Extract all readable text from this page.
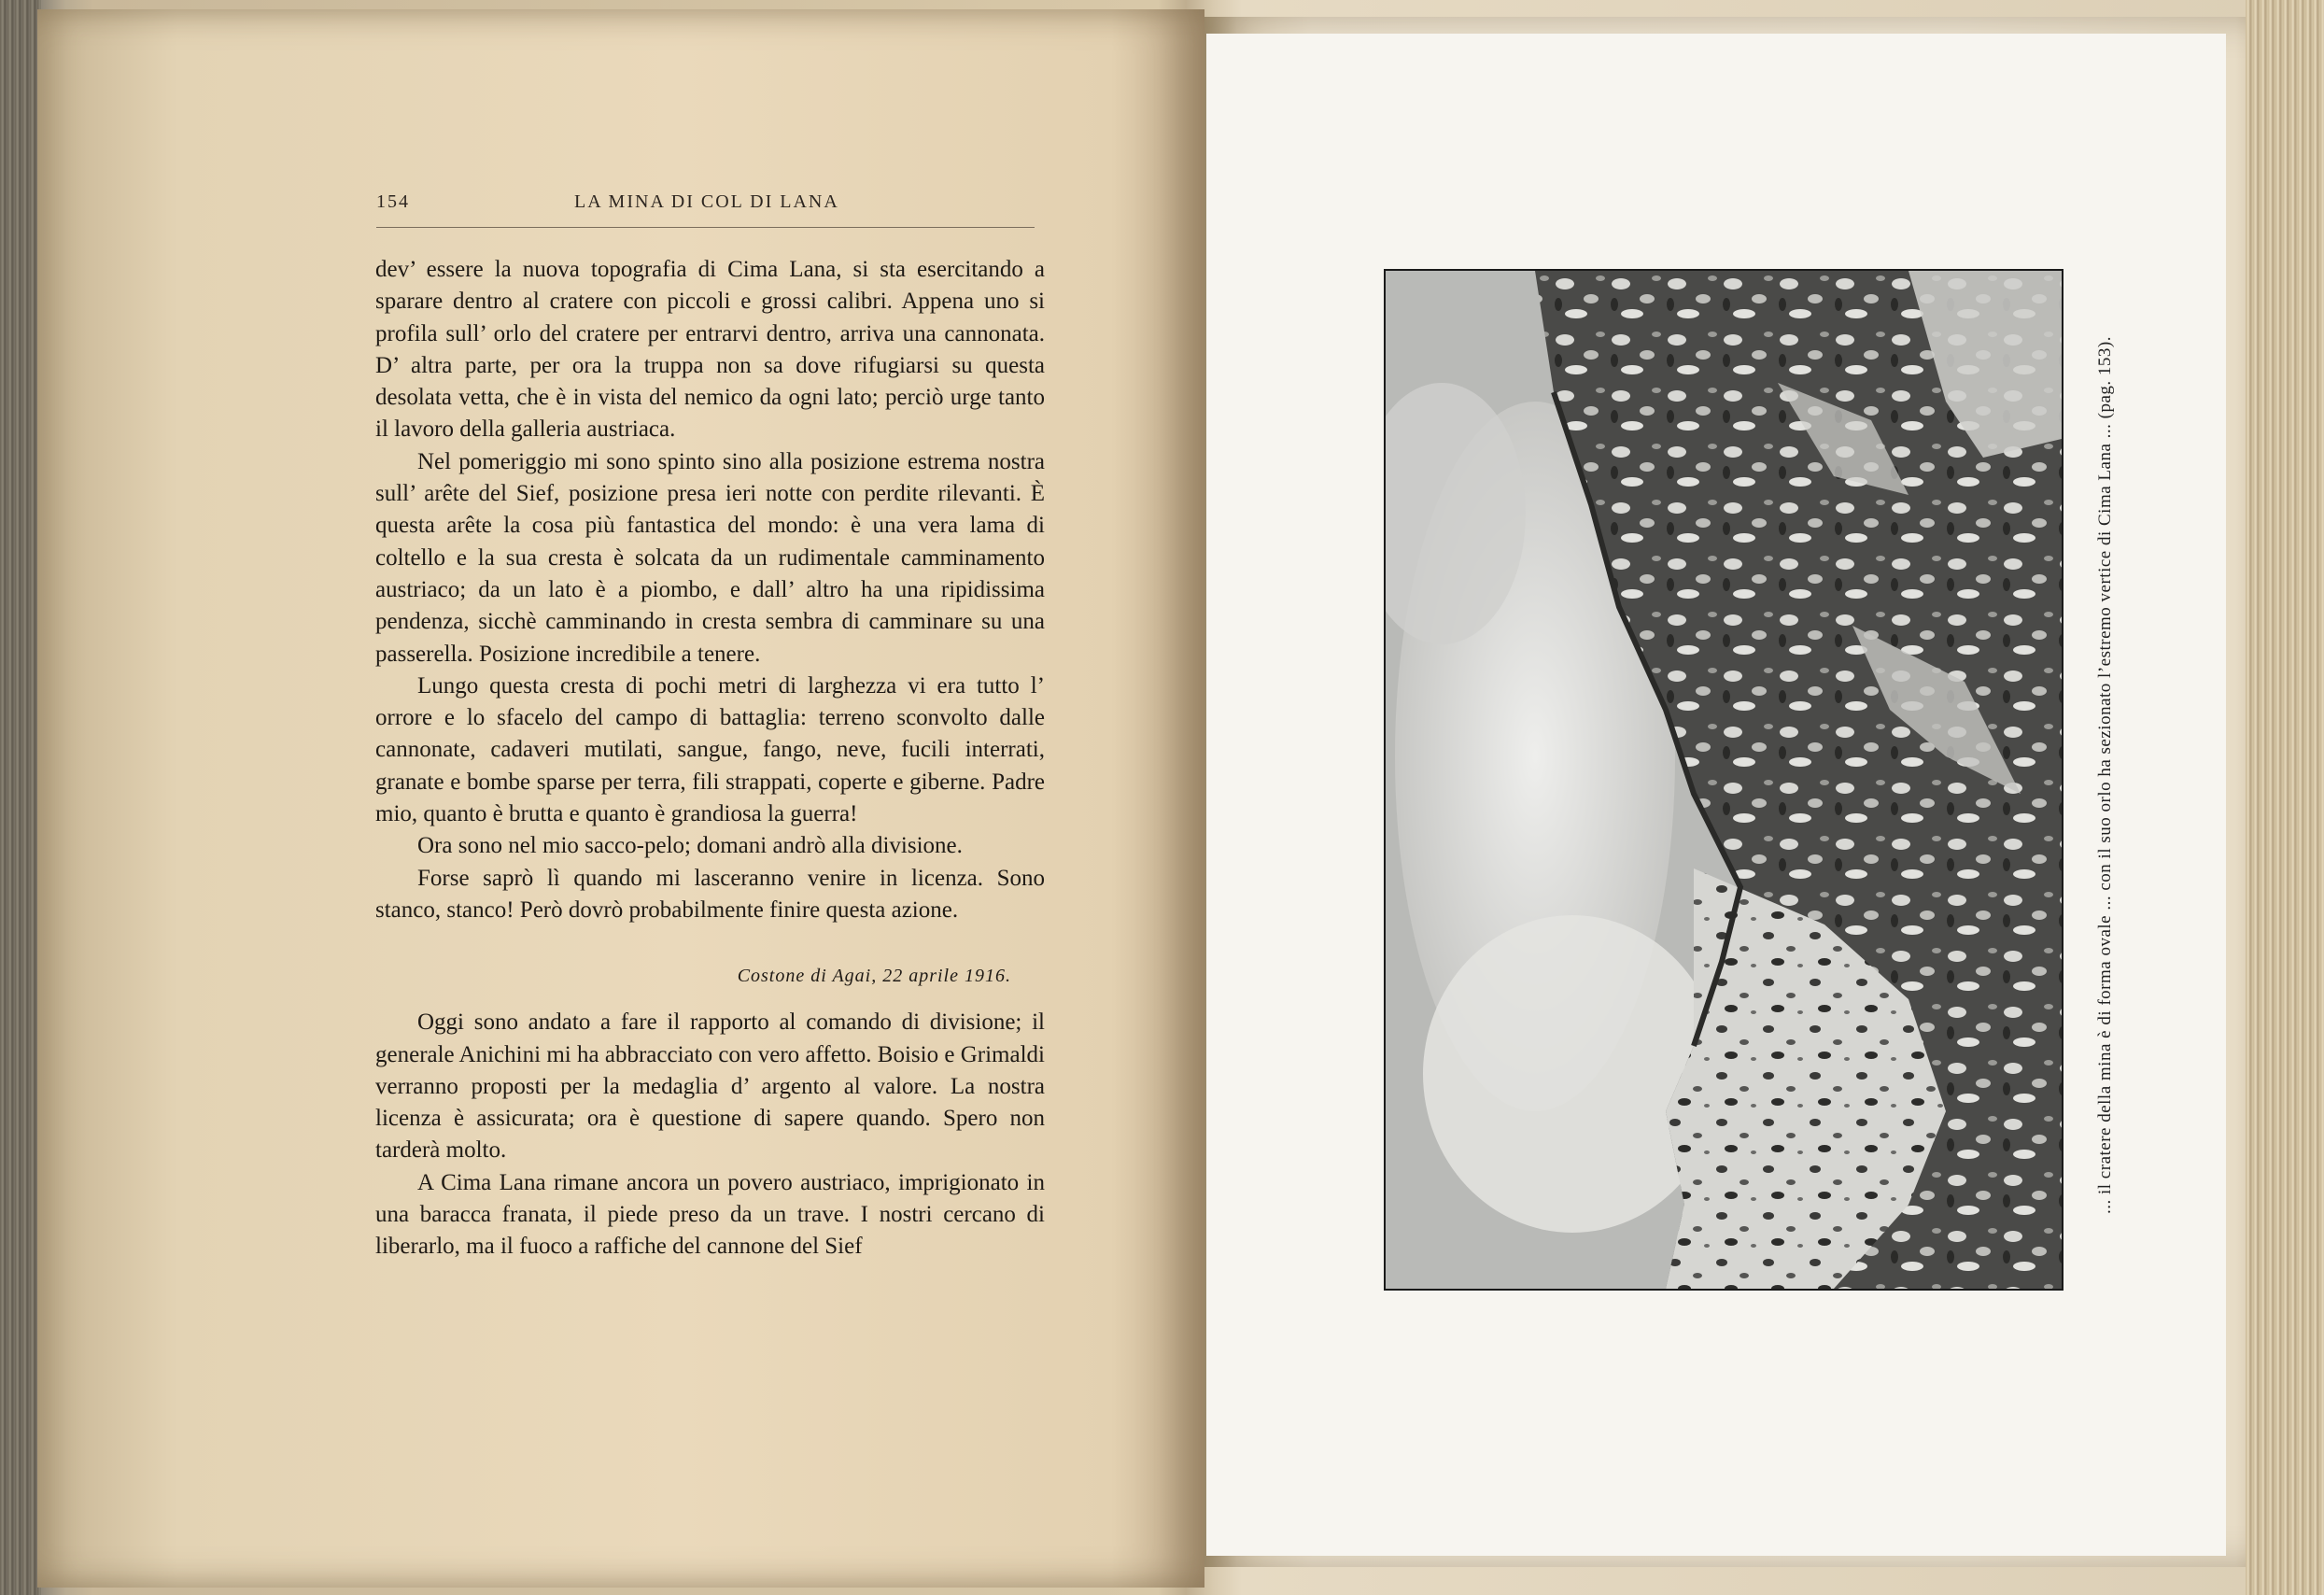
154	LA MINA DI COL DI LANA

dev’ essere la nuova topografia di Cima Lana, si sta esercitando a sparare dentro al cratere con piccoli e grossi calibri. Appena uno si profila sull’ orlo del cratere per entrarvi dentro, arriva una cannonata. D’ altra parte, per ora la truppa non sa dove rifugiarsi su questa desolata vetta, che è in vista del nemico da ogni lato; perciò urge tanto il lavoro della galleria austriaca.

Nel pomeriggio mi sono spinto sino alla posizione estrema nostra sull’ arête del Sief, posizione presa ieri notte con perdite rilevanti. È questa arête la cosa più fantastica del mondo: è una vera lama di coltello e la sua cresta è solcata da un rudimentale camminamento austriaco; da un lato è a piombo, e dall’ altro ha una ripidissima pendenza, sicchè camminando in cresta sembra di camminare su una passerella. Posizione incredibile a tenere.

Lungo questa cresta di pochi metri di larghezza vi era tutto l’ orrore e lo sfacelo del campo di battaglia: terreno sconvolto dalle cannonate, cadaveri mutilati, sangue, fango, neve, fucili interrati, granate e bombe sparse per terra, fili strappati, coperte e giberne. Padre mio, quanto è brutta e quanto è grandiosa la guerra!

Ora sono nel mio sacco-pelo; domani andrò alla divisione.

Forse saprò lì quando mi lasceranno venire in licenza. Sono stanco, stanco! Però dovrò probabilmente finire questa azione.

Costone di Agai, 22 aprile 1916.

Oggi sono andato a fare il rapporto al comando di divisione; il generale Anichini mi ha abbracciato con vero affetto. Boisio e Grimaldi verranno proposti per la medaglia d’ argento al valore. La nostra licenza è assicurata; ora è questione di sapere quando. Spero non tarderà molto.

A Cima Lana rimane ancora un povero austriaco, imprigionato in una baracca franata, il piede preso da un trave. I nostri cercano di liberarlo, ma il fuoco a raffiche del cannone del Sief

... il cratere della mina è di forma ovale ... con il suo orlo ha sezionato l’estremo vertice di Cima Lana ... (pag. 153).
